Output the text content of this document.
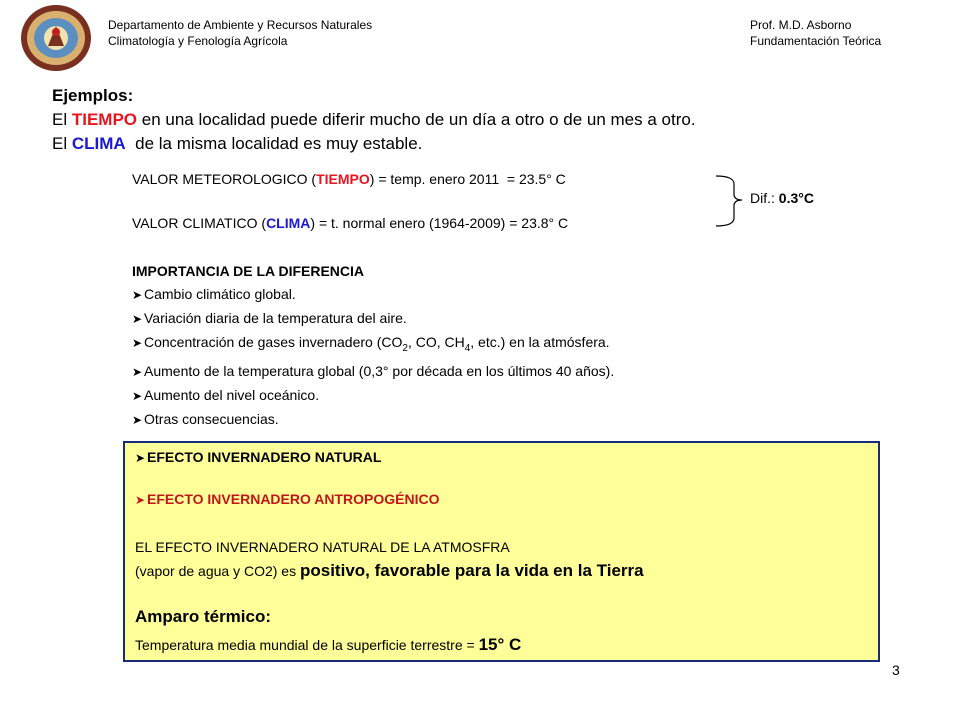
Departamento de Ambiente y Recursos Naturales
Climatología y Fenología Agrícola
Prof. M.D. Asborno
Fundamentación Teórica
Ejemplos:
El TIEMPO en una localidad puede diferir mucho de un día a otro o de un mes a otro.
El CLIMA  de la misma localidad es muy estable.
VALOR METEOROLOGICO (TIEMPO) = temp. enero 2011  = 23.5° C
VALOR CLIMATICO (CLIMA) = t. normal enero (1964-2009) = 23.8° C
Dif.: 0.3°C
IMPORTANCIA DE LA DIFERENCIA
➤ Cambio climático global.
➤ Variación diaria de la temperatura del aire.
➤ Concentración de gases invernadero ($CO_2$, CO, $CH_4$, etc.) en la atmósfera.
➤ Aumento de la temperatura global (0,3° por década en los últimos 40 años).
➤ Aumento del nivel oceánico.
➤ Otras consecuencias.
➤ EFECTO INVERNADERO NATURAL
➤ EFECTO INVERNADERO ANTROPOGÉNICO
EL EFECTO INVERNADERO NATURAL DE LA ATMOSFRA
(vapor de agua y CO2) es positivo, favorable para la vida en la Tierra
Amparo térmico:
Temperatura media mundial de la superficie terrestre = 15° C
3
